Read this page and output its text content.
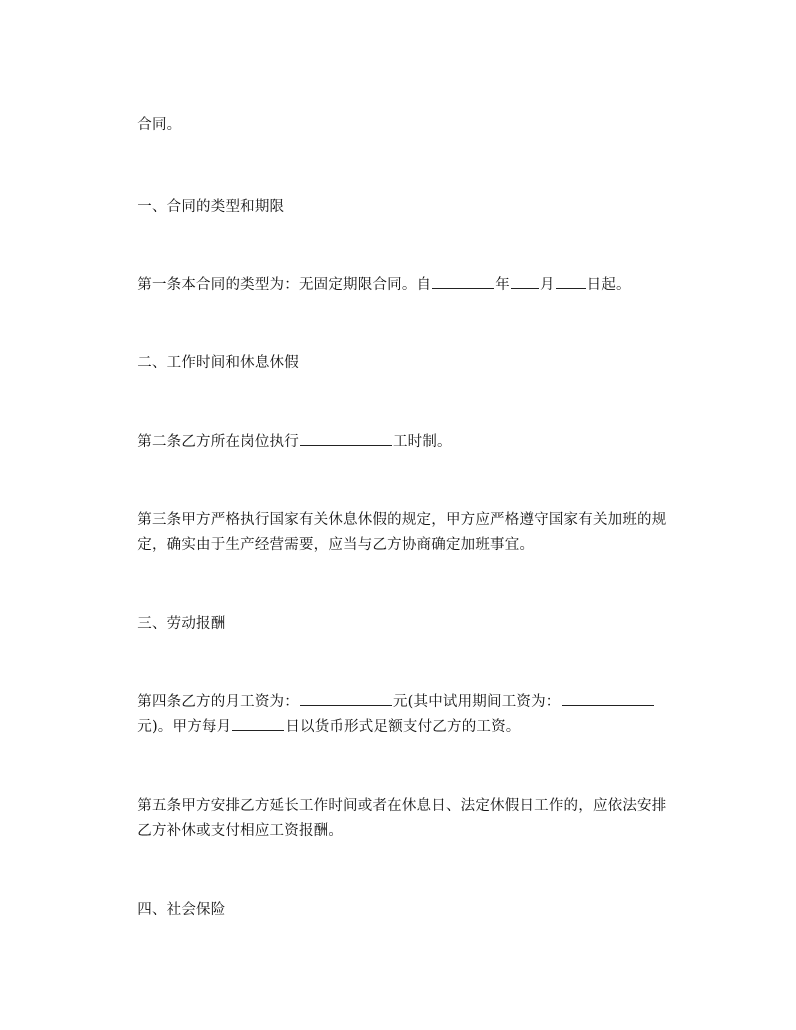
合同。

一、合同的类型和期限

第一条本合同的类型为：无固定期限合同。自	年 月 日起。

二、工作时间和休息休假

第二条乙方所在岗位执行	工时制。

第三条甲方严格执行国家有关休息休假的规定，甲方应严格遵守国家有关加班的规

定，确实由于生产经营需要，应当与乙方协商确定加班事宜。

三、劳动报酬

第四条乙方的月工资为：	元(其中试用期间工资为：

元)。甲方每月	日以货币形式足额支付乙方的工资。

第五条甲方安排乙方延长工作时间或者在休息日、法定休假日工作的，应依法安排

乙方补休或支付相应工资报酬。

四、社会保险
